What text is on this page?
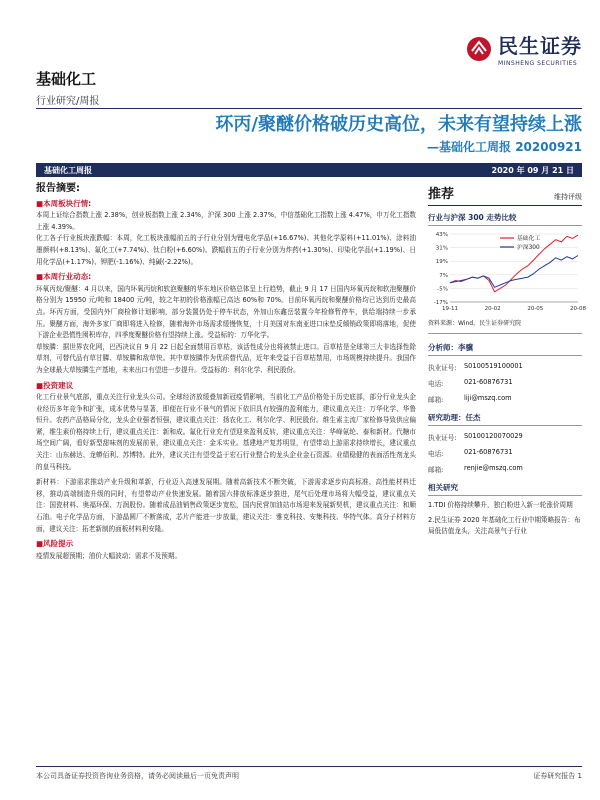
民生证券
MINSHENG SECURITIES
基础化工
行业研究/周报
环丙/聚醚价格破历史高位，未来有望持续上涨
—基础化工周报 20200921
基础化工周报	2020 年 09 月 21 日
报告摘要:
■ 本周板块行情:

本周上证综合指数上涨 2.38%，创业板指数上涨 2.34%，沪深 300 上涨 2.37%，中信基础化工指数上涨 4.47%，申万化工指数上涨 4.39%。

化工各子行业板块涨跌幅：本周，化工板块涨幅前五的子行业分别为锂电化学品(+16.67%)、其他化学原料(+11.01%)、涂料油墨颜料(+8.13%)、氟化工(+7.74%)、钛白粉(+6.60%)。跌幅前五的子行业分别为炸药(+1.30%)、印染化学品(+1.19%)、日用化学品(+1.17%)、钾肥(-1.16%)、纯碱(-2.22%)。

■ 本周行业动态:

环氧丙烷/聚醚：4 月以来，国内环氧丙烷和软泡聚醚的华东地区价格总体呈上行趋势，截止 9 月 17 日国内环氧丙烷和软泡聚醚价格分别为 15950 元/吨和 18400 元/吨，较之年初的价格涨幅已高达 60%和 70%。目前环氧丙烷和聚醚价格均已达到历史最高点。环丙方面，受国内外厂商检修计划影响，部分装置仍处于停车状态，外加山东鑫岳装置今年检修暂停车，供给端持续一步承压。聚醚方面，海外多家厂商即将进入检修，随着海外市场需求缓慢恢复，十月美国对东南亚进口床垫反倾销政策即将落地，促使下游企业恐慌性囤积库存，四季度聚醚价格有望持续上涨。受益标的：万华化学。

草铵膦：据世界农化网，巴西决议自 9 月 22 日起全面禁用百草枯，该活性成分也将被禁止进口。百草枯是全球第三大非选择性除草剂，可替代品有草甘膦、草铵膦和敌草快。其中草铵膦作为优质替代品，近年来受益于百草枯禁用，市场规模持续提升。我国作为全球最大草铵膦生产基地，未来出口有望进一步提升。受益标的：利尔化学、利民股份。

■ 投资建议

化工行业景气底部，重点关注行业龙头公司。全球经济放缓叠加新冠疫情影响，当前化工产品价格处于历史底部，部分行业龙头企业经历多年竞争和扩张，成本优势与显著，即便在行业不景气的情况下依旧具有较强的盈利能力，建议重点关注：万华化学、华鲁恒升。农药产品格局分化，龙头企业强者恒强，建议重点关注：扬农化工、利尔化学、利民股份。维生素主流厂家检修导致供应偏紧，维生素价格持续上行，建议重点关注：新和成。氟化行业充有望迎来盈利反转，建议重点关注：华峰氨纶、泰和新材。代糖市场空间广阔，看好新型甜味剂的发展前景，建议重点关注：金禾实业。基建地产复苏明显，有望带动上游需求持续增长，建议重点关注：山东赫达、龙蟒佰利、苏博特。此外，建议关注有望受益于宏石行业整合的龙头企业金石资源。业绩稳健的表面活性剂龙头的皇马科技。

新材料：下游需求推动产业升级和革新，行业迈入高速发展期。随着高新技术不断突破，下游需求逐步向高标准、高性能材料迁移，推动高端制造升级的同时，有望带动产业快速发展。随着国六排放标准逐步推进，尾气后处理市场将大幅受益，建议重点关注：国瓷材料、奥福环保、万润股份。随着成品油销售政策逐步宽松，国内民营加油站市场迎来发展新契机，建议重点关注：和顺石油。电子化学品方面，下游晶圆厂不断落成，芯片产能进一步放量，建议关注：雅克科技、安集科技、华特气体。高分子材料方面，建议关注：拓老新制的面板材料利安隆。

■ 风险提示

疫情发展超预期；油价大幅波动；需求不及预期。

推荐	维持评级
行业与沪深 300 走势比较
43%
31%
19%
7%
-5%
-17%
19-11	20-02	20-05	20-08
基础化工
沪深300
资料来源：Wind，民生证券研究院
分析师：李骥
执业证号:	S0100519100001
电话:	021-60876731
邮箱:	liji@mszq.com
研究助理：任杰
执业证号:	S0100120070029
电话:	021-60876731
邮箱:	renjie@mszq.com
相关研究
1.TDI 价格持续攀升，独白粉进入新一轮涨价周期
2.民生证券 2020 年基础化工行业中期策略报告：布局低估值龙头，关注高景气子行业
本公司具备证券投资咨询业务资格，请务必阅读最后一页免责声明	证券研究报告 1
